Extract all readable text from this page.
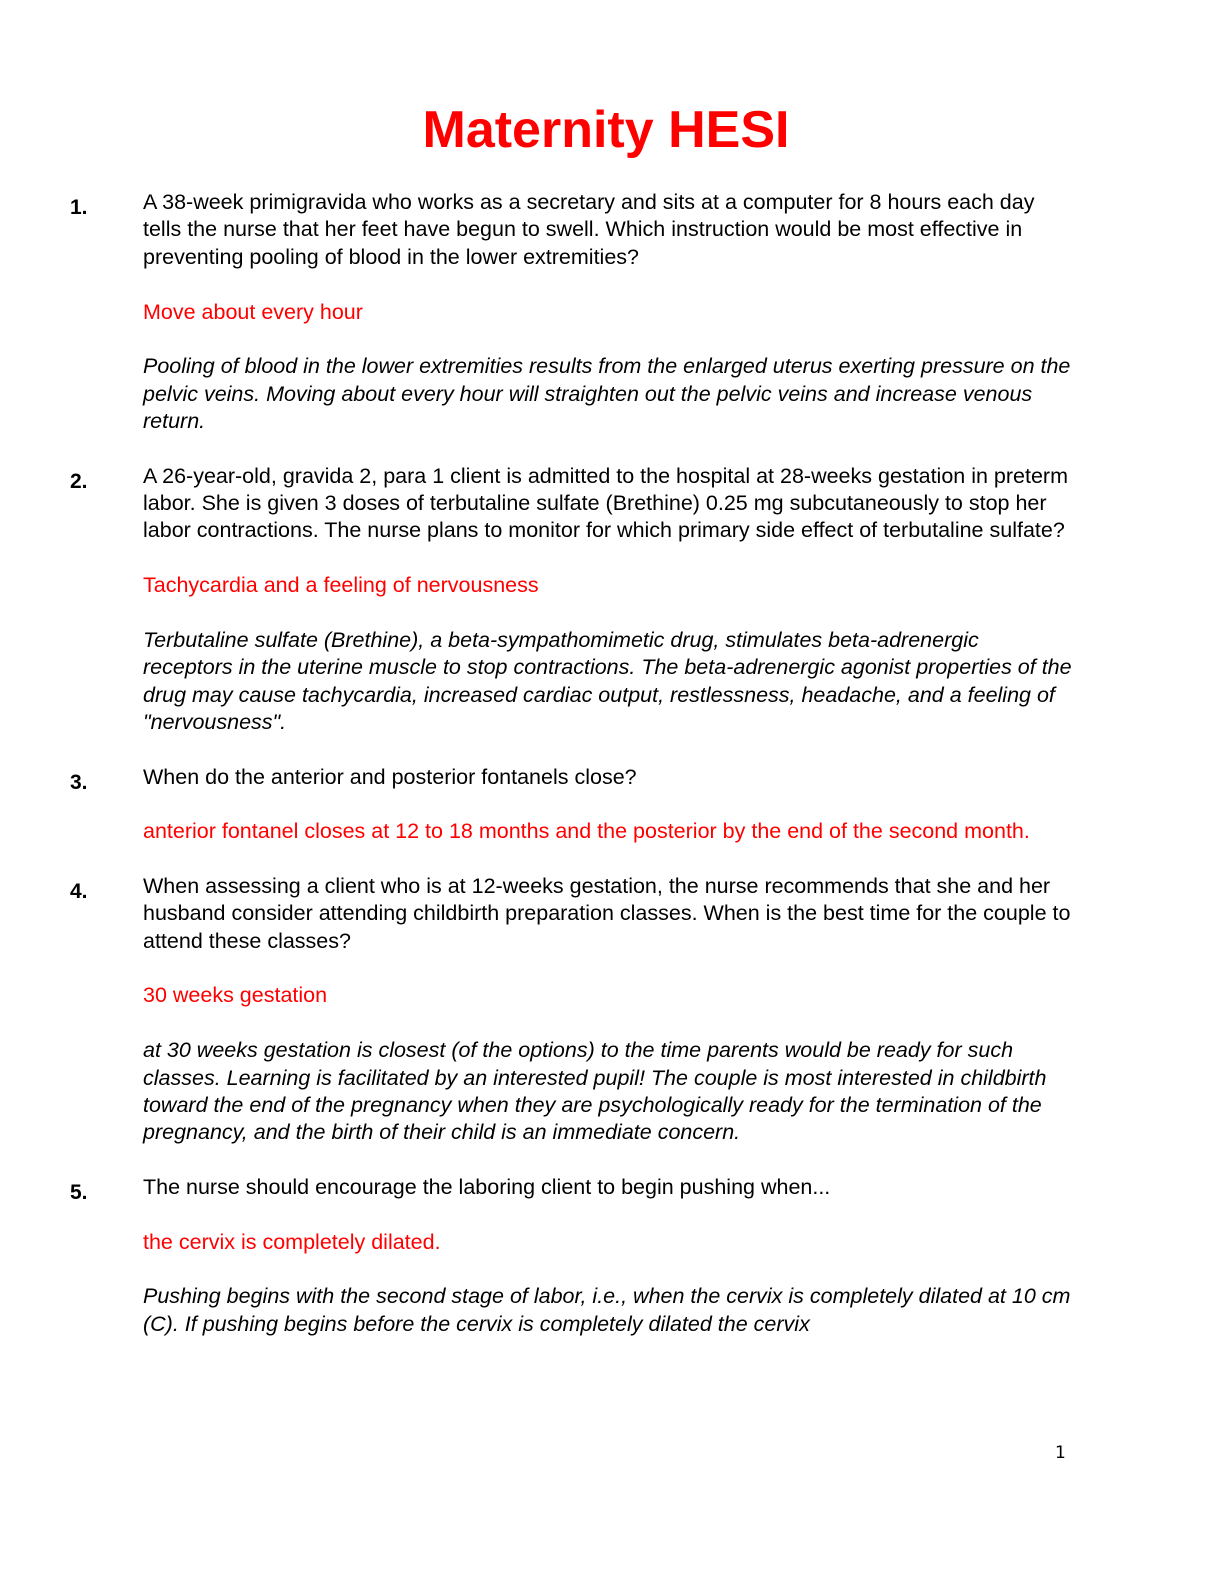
Maternity HESI
1.	A 38-week primigravida who works as a secretary and sits at a computer for 8 hours each day tells the nurse that her feet have begun to swell. Which instruction would be most effective in preventing pooling of blood in the lower extremities?

Move about every hour

Pooling of blood in the lower extremities results from the enlarged uterus exerting pressure on the pelvic veins. Moving about every hour will straighten out the pelvic veins and increase venous return.

2.	A 26-year-old, gravida 2, para 1 client is admitted to the hospital at 28-weeks gestation in preterm labor. She is given 3 doses of terbutaline sulfate (Brethine) 0.25 mg subcutaneously to stop her labor contractions. The nurse plans to monitor for which primary side effect of terbutaline sulfate?

Tachycardia and a feeling of nervousness

Terbutaline sulfate (Brethine), a beta-sympathomimetic drug, stimulates beta-adrenergic receptors in the uterine muscle to stop contractions. The beta-adrenergic agonist properties of the drug may cause tachycardia, increased cardiac output, restlessness, headache, and a feeling of "nervousness".

3.	When do the anterior and posterior fontanels close?

anterior fontanel closes at 12 to 18 months and the posterior by the end of the second month.

4.	When assessing a client who is at 12-weeks gestation, the nurse recommends that she and her husband consider attending childbirth preparation classes. When is the best time for the couple to attend these classes?

30 weeks gestation

at 30 weeks gestation is closest (of the options) to the time parents would be ready for such classes. Learning is facilitated by an interested pupil! The couple is most interested in childbirth toward the end of the pregnancy when they are psychologically ready for the termination of the pregnancy, and the birth of their child is an immediate concern.

5.	The nurse should encourage the laboring client to begin pushing when...

the cervix is completely dilated.

Pushing begins with the second stage of labor, i.e., when the cervix is completely dilated at 10 cm (C). If pushing begins before the cervix is completely dilated the cervix

1
